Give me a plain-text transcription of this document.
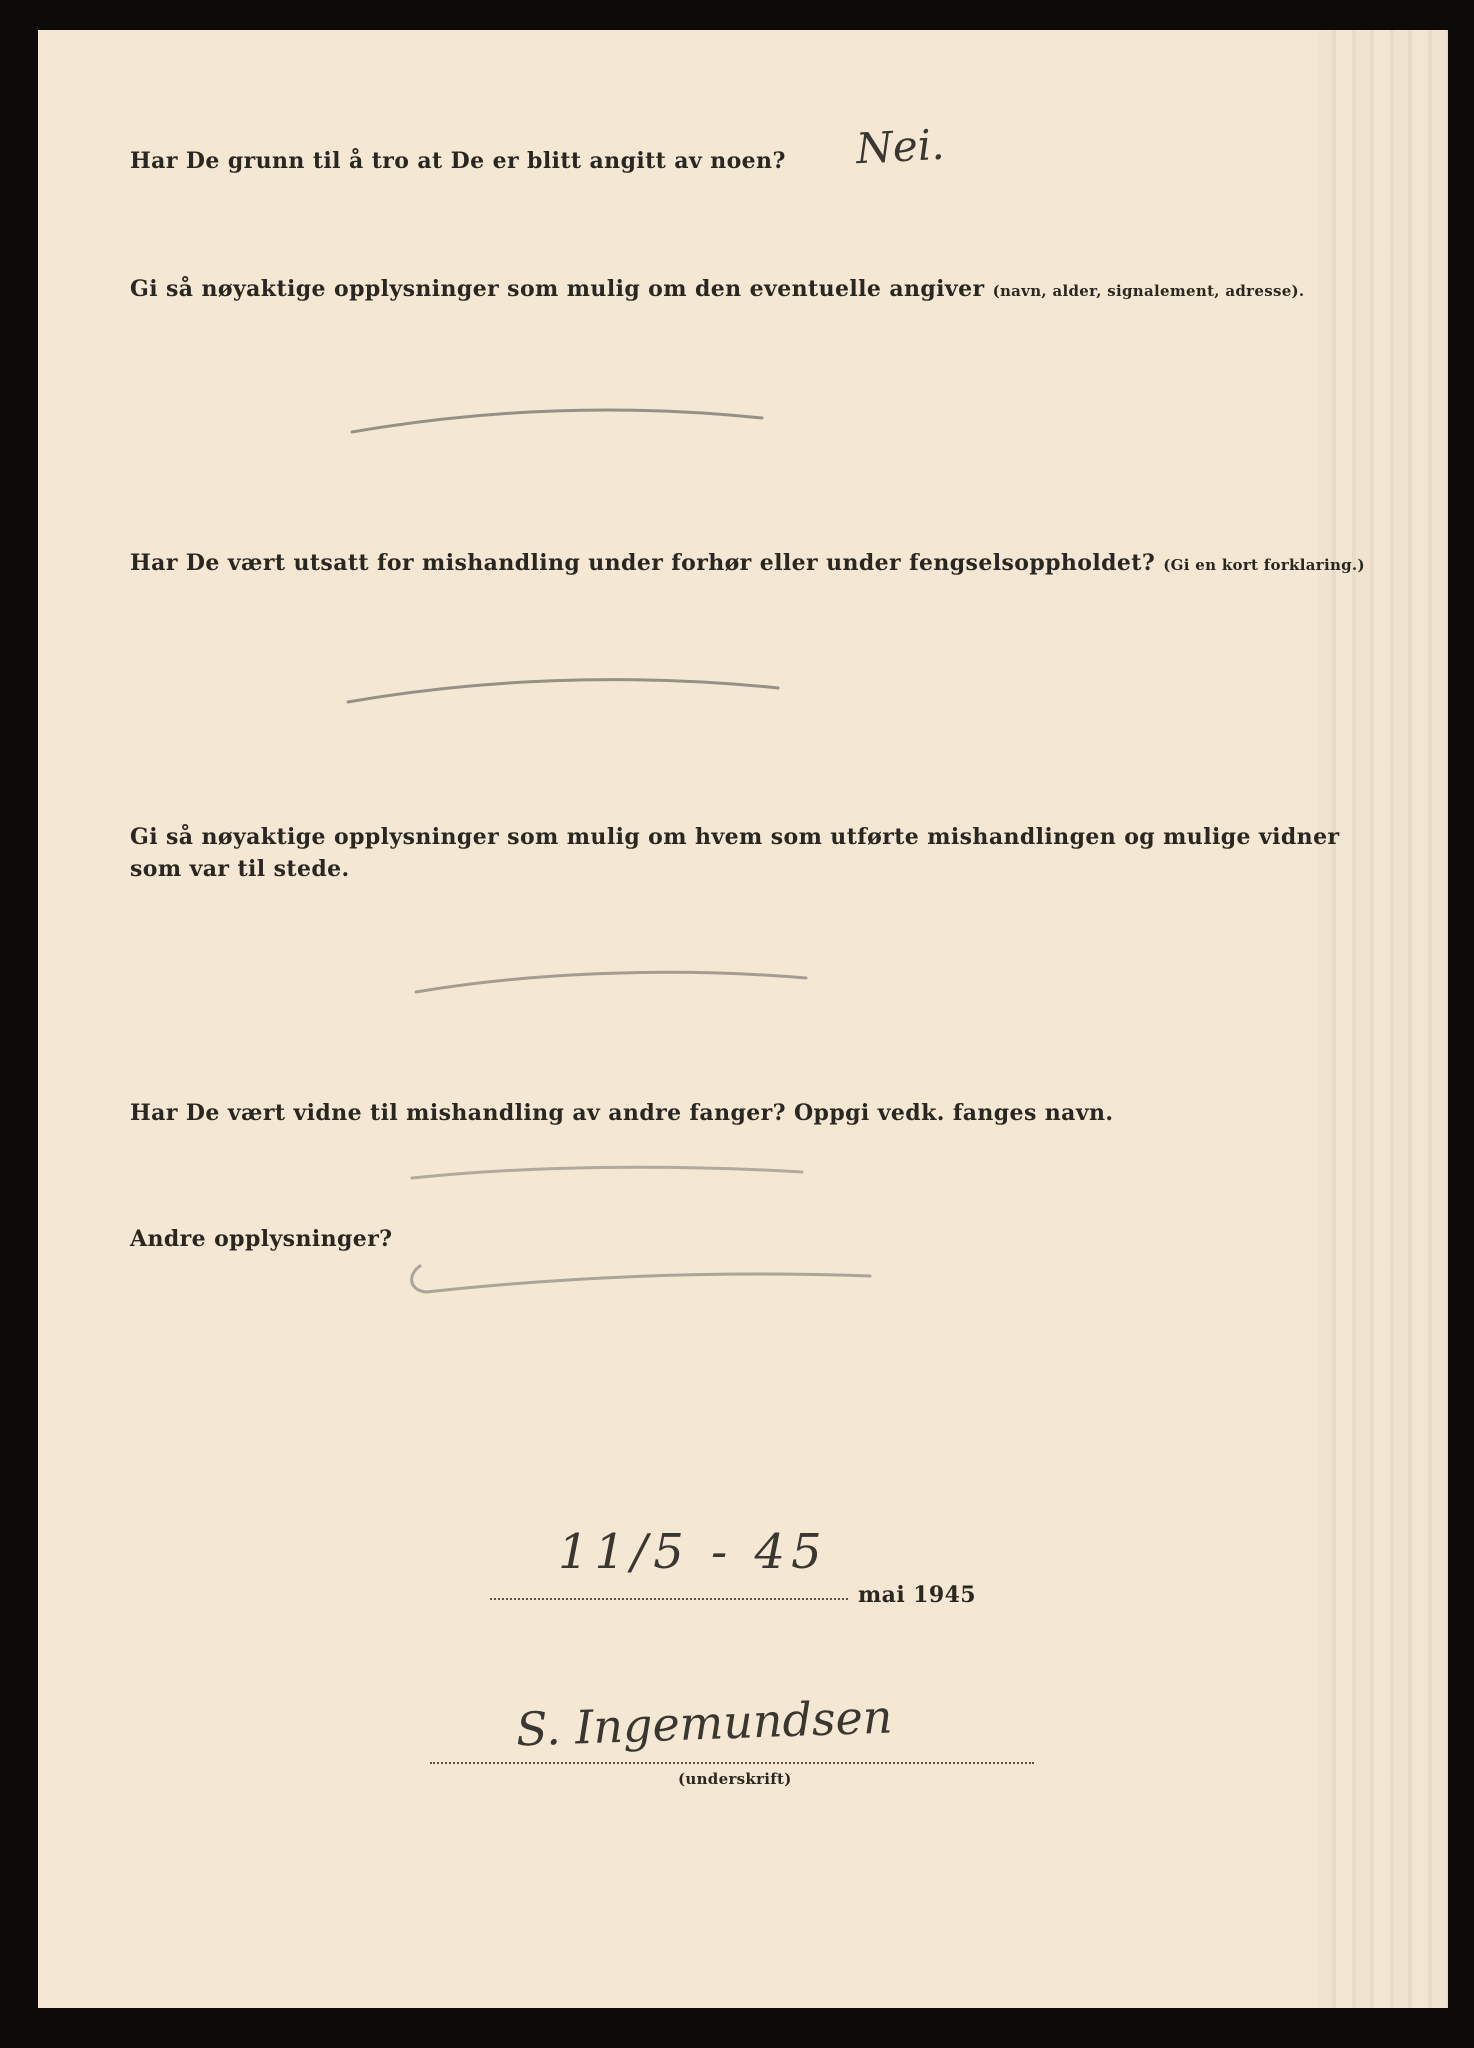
Har De grunn til å tro at De er blitt angitt av noen? Nei.
Gi så nøyaktige opplysninger som mulig om den eventuelle angiver (navn, alder, signalement, adresse).
Har De vært utsatt for mishandling under forhør eller under fengselsoppholdet? (Gi en kort forklaring.)
Gi så nøyaktige opplysninger som mulig om hvem som utførte mishandlingen og mulige vidner
som var til stede.
Har De vært vidne til mishandling av andre fanger? Oppgi vedk. fanges navn.
Andre opplysninger?
11/5 - 45
mai 1945
S. Ingemundsen
(underskrift)
